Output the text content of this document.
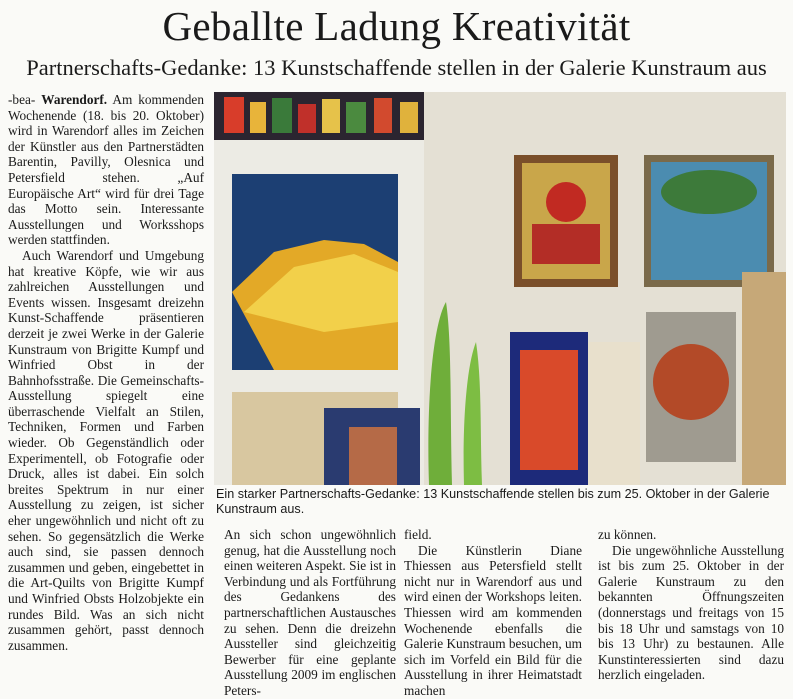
Geballte Ladung Kreativität
Partnerschafts-Gedanke: 13 Kunstschaffende stellen in der Galerie Kunstraum aus

-bea- Warendorf. Am kommenden Wochenende (18. bis 20. Oktober) wird in Warendorf alles im Zeichen der Künstler aus den Partnerstädten Barentin, Pavilly, Olesnica und Petersfield stehen. „Auf Europäische Art“ wird für drei Tage das Motto sein. Interessante Ausstellungen und Worksshops werden stattfinden.

Auch Warendorf und Umgebung hat kreative Köpfe, wie wir aus zahlreichen Ausstellungen und Events wissen. Insgesamt dreizehn Kunst-Schaffende präsentieren derzeit je zwei Werke in der Galerie Kunstraum von Brigitte Kumpf und Winfried Obst in der Bahnhofsstraße. Die Gemeinschafts-Ausstellung spiegelt eine überraschende Vielfalt an Stilen, Techniken, Formen und Farben wieder. Ob Gegenständlich oder Experimentell, ob Fotografie oder Druck, alles ist dabei. Ein solch breites Spektrum in nur einer Ausstellung zu zeigen, ist sicher eher ungewöhnlich und nicht oft zu sehen. So gegensätzlich die Werke auch sind, sie passen dennoch zusammen und geben, eingebettet in die Art-Quilts von Brigitte Kumpf und Winfried Obsts Holzobjekte ein rundes Bild. Was an sich nicht zusammen gehört, passt dennoch zusammen.

Ein starker Partnerschafts-Gedanke: 13 Kunstschaffende stellen bis zum 25. Oktober in der Galerie Kunstraum aus.

An sich schon ungewöhnlich genug, hat die Ausstellung noch einen weiteren Aspekt. Sie ist in Verbindung und als Fortführung des Gedankens des partnerschaftlichen Austausches zu sehen. Denn die dreizehn Aussteller sind gleichzeitig Bewerber für eine geplante Ausstellung 2009 im englischen Peters-

field.

Die Künstlerin Diane Thiessen aus Petersfield stellt nicht nur in Warendorf aus und wird einen der Workshops leiten. Thiessen wird am kommenden Wochenende ebenfalls die Galerie Kunstraum besuchen, um sich im Vorfeld ein Bild für die Ausstellung in ihrer Heimatstadt machen

zu können.

Die ungewöhnliche Ausstellung ist bis zum 25. Oktober in der Galerie Kunstraum zu den bekannten Öffnungszeiten (donnerstags und freitags von 15 bis 18 Uhr und samstags von 10 bis 13 Uhr) zu bestaunen. Alle Kunstinteressierten sind dazu herzlich eingeladen.
